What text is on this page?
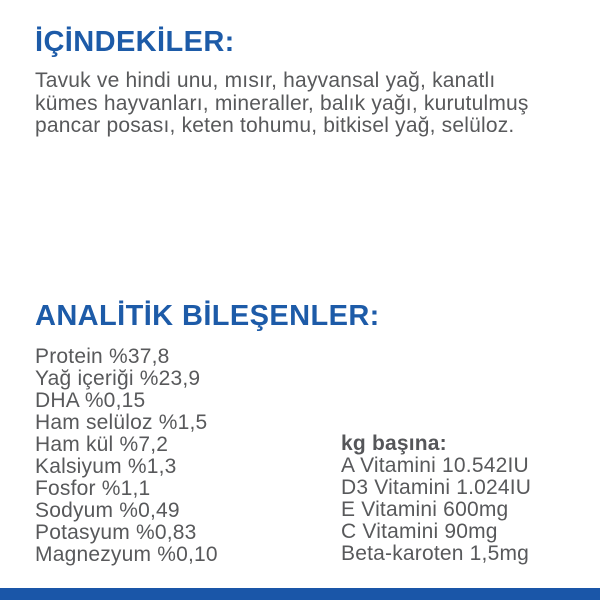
İÇİNDEKİLER:
Tavuk ve hindi unu, mısır, hayvansal yağ, kanatlı
kümes hayvanları, mineraller, balık yağı, kurutulmuş
pancar posası, keten tohumu, bitkisel yağ, selüloz.
ANALİTİK BİLEŞENLER:
Protein %37,8
Yağ içeriği %23,9
DHA %0,15
Ham selüloz %1,5
Ham kül %7,2
Kalsiyum %1,3
Fosfor %1,1
Sodyum %0,49
Potasyum %0,83
Magnezyum %0,10
kg başına:
A Vitamini 10.542IU
D3 Vitamini 1.024IU
E Vitamini 600mg
C Vitamini 90mg
Beta-karoten 1,5mg
